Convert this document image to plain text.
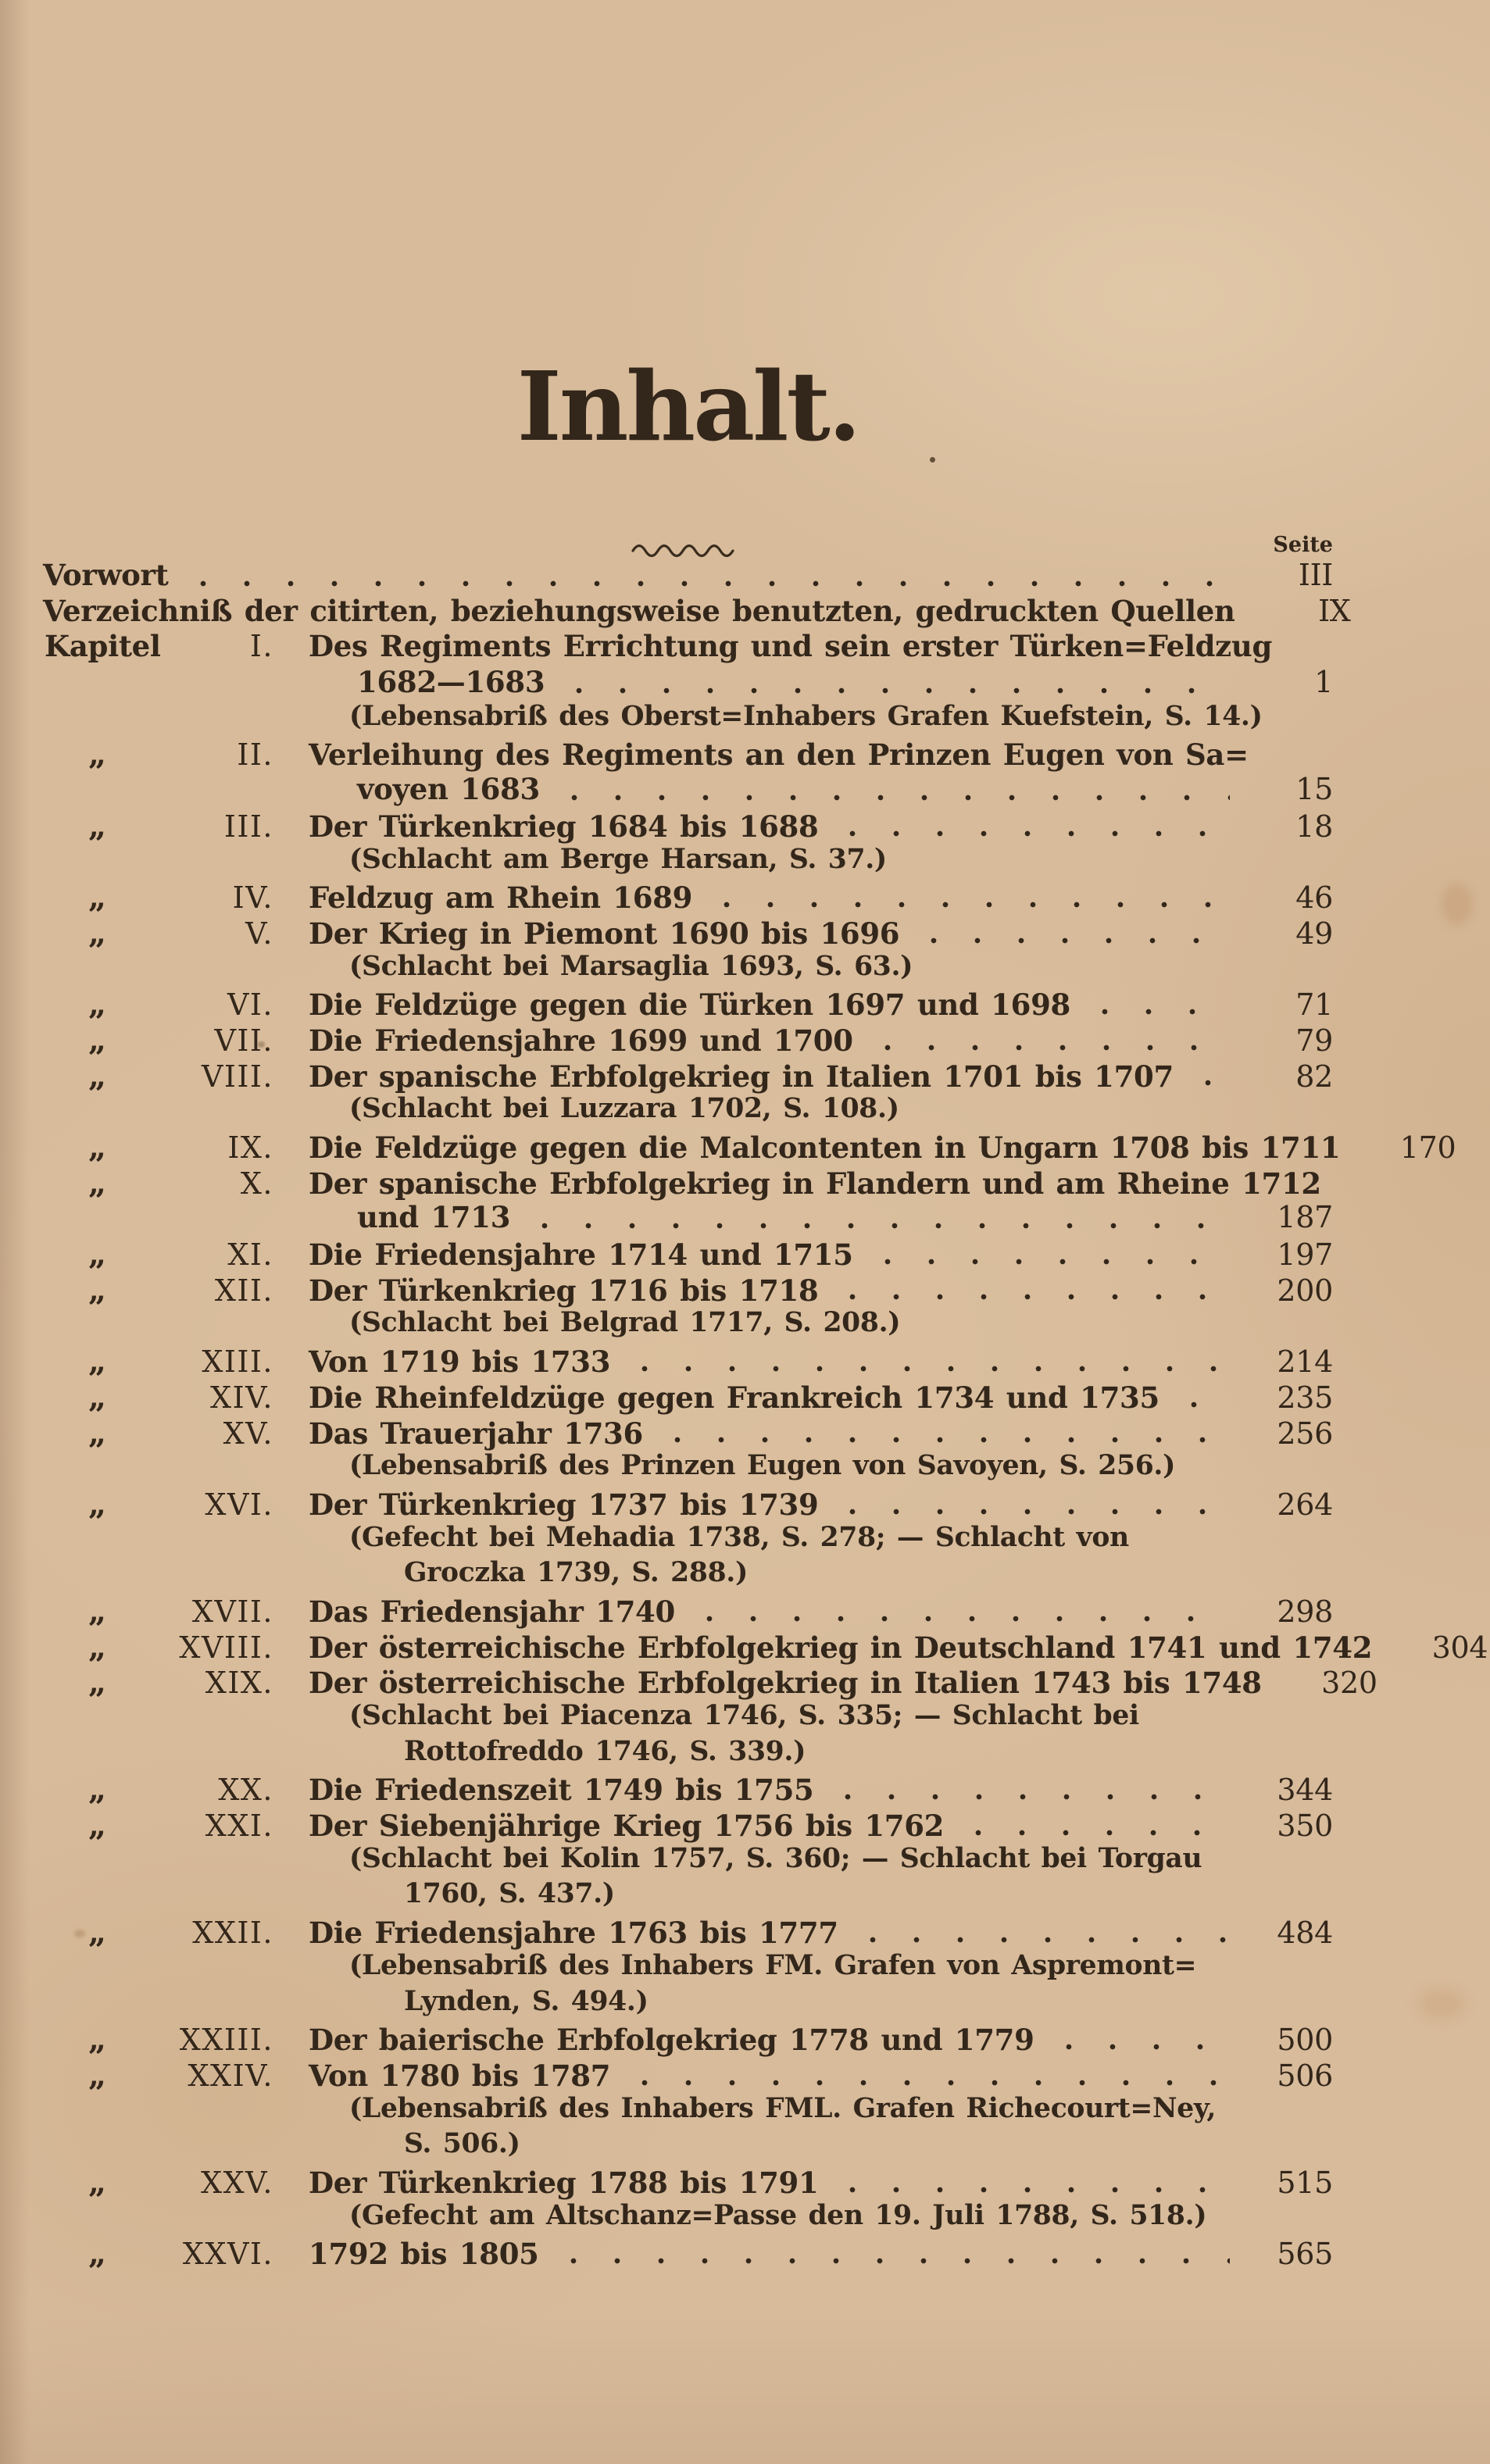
Inhalt.
Seite
Vorwort	III
Verzeichniß der citirten, beziehungsweise benutzten, gedruckten Quellen	IX
Kapitel	I. Des Regiments Errichtung und sein erster Türken=Feldzug
1682—1683	1
(Lebensabriß des Oberst=Inhabers Grafen Kuefstein, S. 14.)
„	II. Verleihung des Regiments an den Prinzen Eugen von Sa=
voyen 1683	15
„	III. Der Türkenkrieg 1684 bis 1688	18
(Schlacht am Berge Harsan, S. 37.)
„	IV. Feldzug am Rhein 1689	46
„	V. Der Krieg in Piemont 1690 bis 1696	49
(Schlacht bei Marsaglia 1693, S. 63.)
„	VI. Die Feldzüge gegen die Türken 1697 und 1698	71
„	VII. Die Friedensjahre 1699 und 1700	79
„	VIII. Der spanische Erbfolgekrieg in Italien 1701 bis 1707	82
(Schlacht bei Luzzara 1702, S. 108.)
„	IX. Die Feldzüge gegen die Malcontenten in Ungarn 1708 bis 1711	170
„	X. Der spanische Erbfolgekrieg in Flandern und am Rheine 1712
und 1713	187
„	XI. Die Friedensjahre 1714 und 1715	197
„	XII. Der Türkenkrieg 1716 bis 1718	200
(Schlacht bei Belgrad 1717, S. 208.)
„	XIII. Von 1719 bis 1733	214
„	XIV. Die Rheinfeldzüge gegen Frankreich 1734 und 1735	235
„	XV. Das Trauerjahr 1736	256
(Lebensabriß des Prinzen Eugen von Savoyen, S. 256.)
„	XVI. Der Türkenkrieg 1737 bis 1739	264
(Gefecht bei Mehadia 1738, S. 278; — Schlacht von
Groczka 1739, S. 288.)
„	XVII. Das Friedensjahr 1740	298
„ XVIII. Der österreichische Erbfolgekrieg in Deutschland 1741 und 1742	304
„	XIX. Der österreichische Erbfolgekrieg in Italien 1743 bis 1748	320
(Schlacht bei Piacenza 1746, S. 335; — Schlacht bei
Rottofreddo 1746, S. 339.)
„	XX. Die Friedenszeit 1749 bis 1755	344
„	XXI. Der Siebenjährige Krieg 1756 bis 1762	350
(Schlacht bei Kolin 1757, S. 360; — Schlacht bei Torgau
1760, S. 437.)
„	XXII. Die Friedensjahre 1763 bis 1777	484
(Lebensabriß des Inhabers FM. Grafen von Aspremont=
Lynden, S. 494.)
„ XXIII. Der baierische Erbfolgekrieg 1778 und 1779	500
„	XXIV. Von 1780 bis 1787	506
(Lebensabriß des Inhabers FML. Grafen Richecourt=Ney,
S. 506.)
„	XXV. Der Türkenkrieg 1788 bis 1791	515
(Gefecht am Altschanz=Passe den 19. Juli 1788, S. 518.)
„	XXVI. 1792 bis 1805	565
